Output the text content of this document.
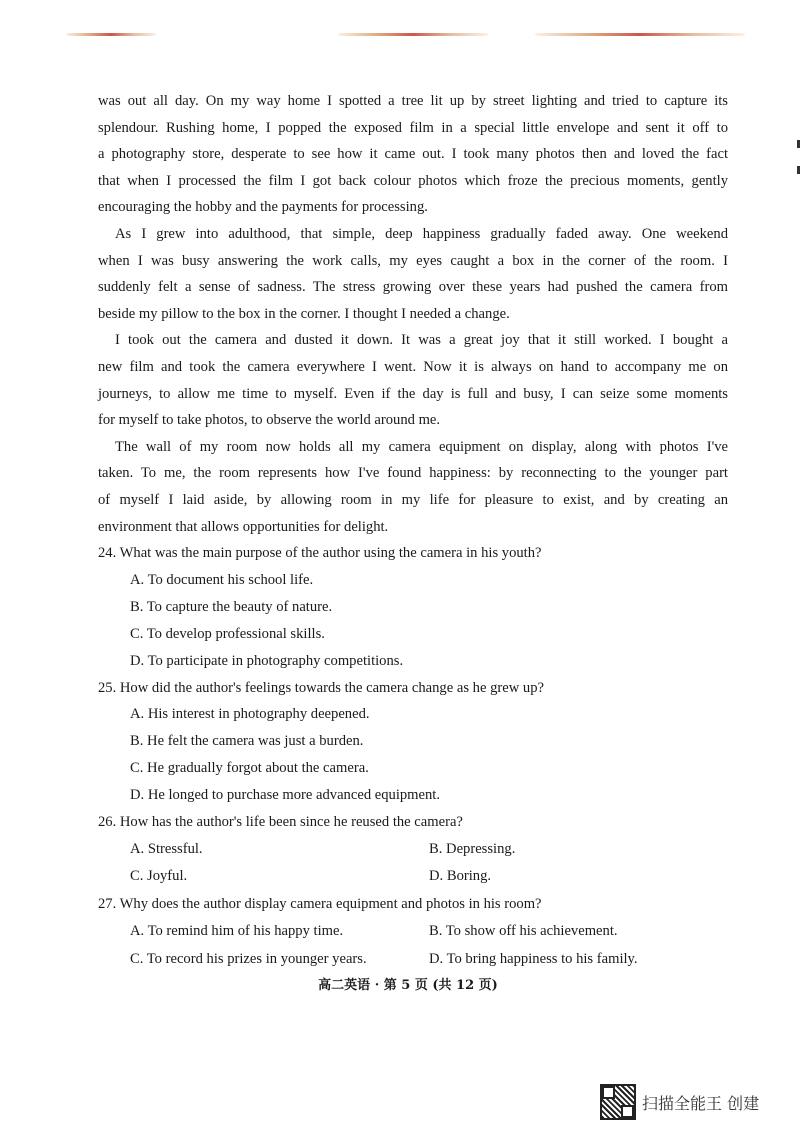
was out all day. On my way home I spotted a tree lit up by street lighting and tried to capture its
splendour. Rushing home, I popped the exposed film in a special little envelope and sent it off to
a photography store, desperate to see how it came out. I took many photos then and loved the fact
that when I processed the film I got back colour photos which froze the precious moments, gently
encouraging the hobby and the payments for processing.
As I grew into adulthood, that simple, deep happiness gradually faded away. One weekend
when I was busy answering the work calls, my eyes caught a box in the corner of the room. I
suddenly felt a sense of sadness. The stress growing over these years had pushed the camera from
beside my pillow to the box in the corner. I thought I needed a change.
I took out the camera and dusted it down. It was a great joy that it still worked. I bought a
new film and took the camera everywhere I went. Now it is always on hand to accompany me on
journeys, to allow me time to myself. Even if the day is full and busy, I can seize some moments
for myself to take photos, to observe the world around me.
The wall of my room now holds all my camera equipment on display, along with photos I've
taken. To me, the room represents how I've found happiness: by reconnecting to the younger part
of myself I laid aside, by allowing room in my life for pleasure to exist, and by creating an
environment that allows opportunities for delight.
24. What was the main purpose of the author using the camera in his youth?
A. To document his school life.
B. To capture the beauty of nature.
C. To develop professional skills.
D. To participate in photography competitions.
25. How did the author's feelings towards the camera change as he grew up?
A. His interest in photography deepened.
B. He felt the camera was just a burden.
C. He gradually forgot about the camera.
D. He longed to purchase more advanced equipment.
26. How has the author's life been since he reused the camera?
A. Stressful.	B. Depressing.
C. Joyful.	D. Boring.
27. Why does the author display camera equipment and photos in his room?
A. To remind him of his happy time.	B. To show off his achievement.
C. To record his prizes in younger years.	D. To bring happiness to his family.
高二英语 · 第 5 页 (共 12 页)
扫描全能王 创建
